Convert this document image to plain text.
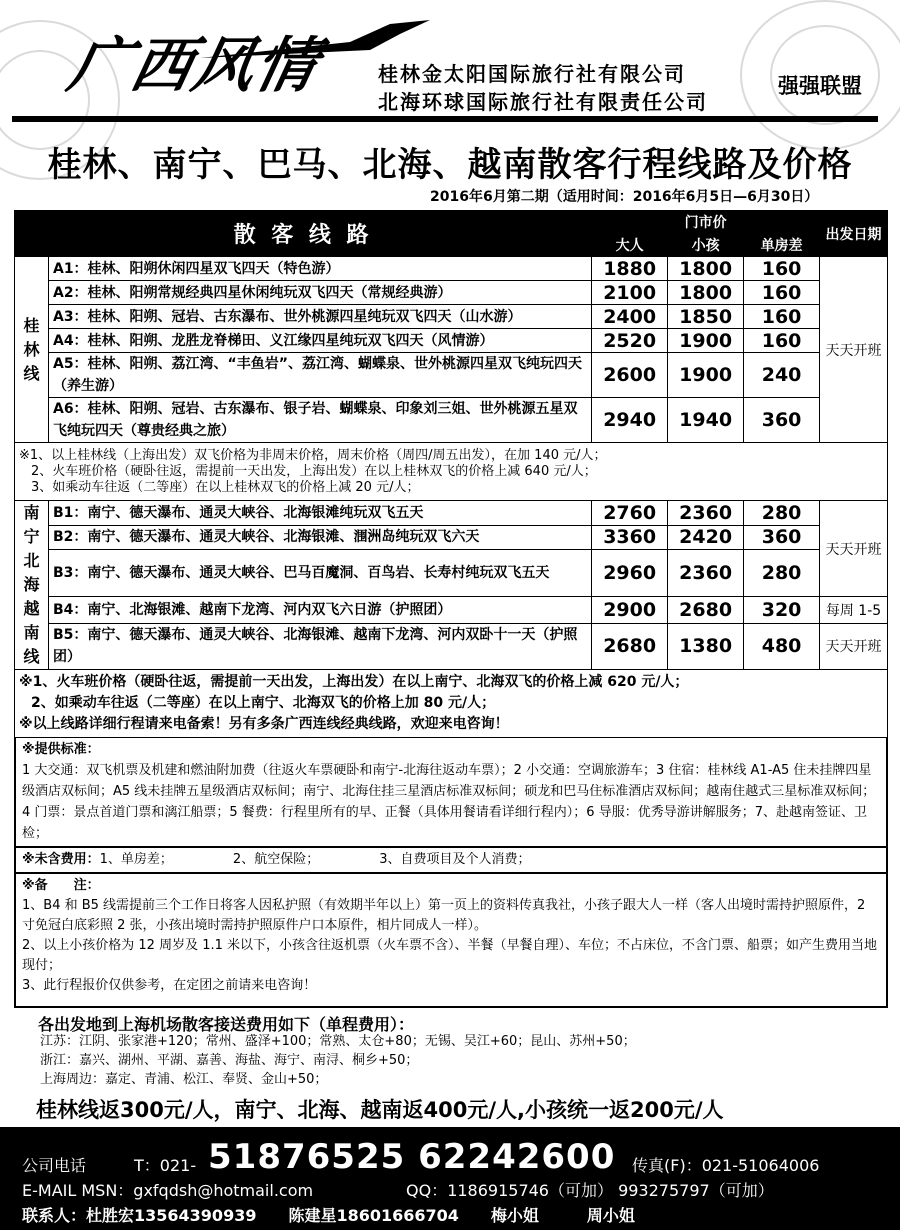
广西风情	桂林金太阳国际旅行社有限公司
北海环球国际旅行社有限责任公司
强强联盟
桂林、南宁、巴马、北海、越南散客行程线路及价格
2016年6月第二期（适用时间：2016年6月5日—6月30日）
散 客 线 路		门市价			出发日期
		大人	小孩	单房差	
桂林线	A1：桂林、阳朔休闲四星双飞四天（特色游）	1880	1800	160	天天开班
	A2：桂林、阳朔常规经典四星休闲纯玩双飞四天（常规经典游）	2100	1800	160	
	A3：桂林、阳朔、冠岩、古东瀑布、世外桃源四星纯玩双飞四天（山水游）	2400	1850	160	
	A4：桂林、阳朔、龙胜龙脊梯田、义江缘四星纯玩双飞四天（风情游）	2520	1900	160	
	A5：桂林、阳朔、荔江湾、“丰鱼岩”、荔江湾、蝴蝶泉、世外桃源四星双飞纯玩四天（养生游）	2600	1900	240	
	A6：桂林、阳朔、冠岩、古东瀑布、银子岩、蝴蝶泉、印象刘三姐、世外桃源五星双飞纯玩四天（尊贵经典之旅）	2940	1940	360	

※1、以上桂林线（上海出发）双飞价格为非周末价格，周末价格（周四/周五出发），在加 140 元/人；
2、火车班价格（硬卧往返，需提前一天出发，上海出发）在以上桂林双飞的价格上减 640 元/人；
3、如乘动车往返（二等座）在以上桂林双飞的价格上减 20 元/人；					

南宁北海越南线	B1：南宁、德天瀑布、通灵大峡谷、北海银滩纯玩双飞五天	2760	2360	280	天天开班
	B2：南宁、德天瀑布、通灵大峡谷、北海银滩、涠洲岛纯玩双飞六天	3360	2420	360	
	B3：南宁、德天瀑布、通灵大峡谷、巴马百魔洞、百鸟岩、长寿村纯玩双飞五天	2960	2360	280	
	B4：南宁、北海银滩、越南下龙湾、河内双飞六日游（护照团）	2900	2680	320	每周 1-5
	B5：南宁、德天瀑布、通灵大峡谷、北海银滩、越南下龙湾、河内双卧十一天（护照团）	2680	1380	480	天天开班

※1、火车班价格（硬卧往返，需提前一天出发，上海出发）在以上南宁、北海双飞的价格上减 620 元/人；
2、如乘动车往返（二等座）在以上南宁、北海双飞的价格上加 80 元/人；
※以上线路详细行程请来电备索！另有多条广西连线经典线路，欢迎来电咨询！					
※提供标准：
1 大交通：双飞机票及机建和燃油附加费（往返火车票硬卧和南宁-北海往返动车票）；2 小交通：空调旅游车；3 住宿：桂林线 A1-A5 住未挂牌四星级酒店双标间；A5 线未挂牌五星级酒店双标间；南宁、北海住挂三星酒店标准双标间；硕龙和巴马住标准酒店双标间；越南住越式三星标准双标间；4 门票：景点首道门票和漓江船票；5 餐费：行程里所有的早、正餐（具体用餐请看详细行程内）；6 导服：优秀导游讲解服务；7、赴越南签证、卫检；
※未含费用：1、单房差；	2、航空保险；	3、自费项目及个人消费；
※备　　注：
1、B4 和 B5 线需提前三个工作日将客人因私护照（有效期半年以上）第一页上的资料传真我社，小孩子跟大人一样（客人出境时需持护照原件，2 寸免冠白底彩照 2 张，小孩出境时需持护照原件户口本原件，相片同成人一样）。
2、以上小孩价格为 12 周岁及 1.1 米以下，小孩含往返机票（火车票不含）、半餐（早餐自理）、车位；不占床位，不含门票、船票；如产生费用当地现付；
3、此行程报价仅供参考，在定团之前请来电咨询！
各出发地到上海机场散客接送费用如下（单程费用）：
江苏：江阴、张家港+120；常州、盛泽+100；常熟、太仓+80；无锡、吴江+60；昆山、苏州+50；
浙江：嘉兴、湖州、平湖、嘉善、海盐、海宁、南浔、桐乡+50；
上海周边：嘉定、青浦、松江、奉贤、金山+50；
桂林线返300元/人，南宁、北海、越南返400元/人,小孩统一返200元/人
公司电话	T：021- 51876525 62242600 传真(F)：021-51064006
E-MAIL MSN：gxfqdsh@hotmail.com	QQ：1186915746（可加） 993275797（可加）
联系人：杜胜宏13564390939　　陈建星18601666704　　梅小姐　　　周小姐
